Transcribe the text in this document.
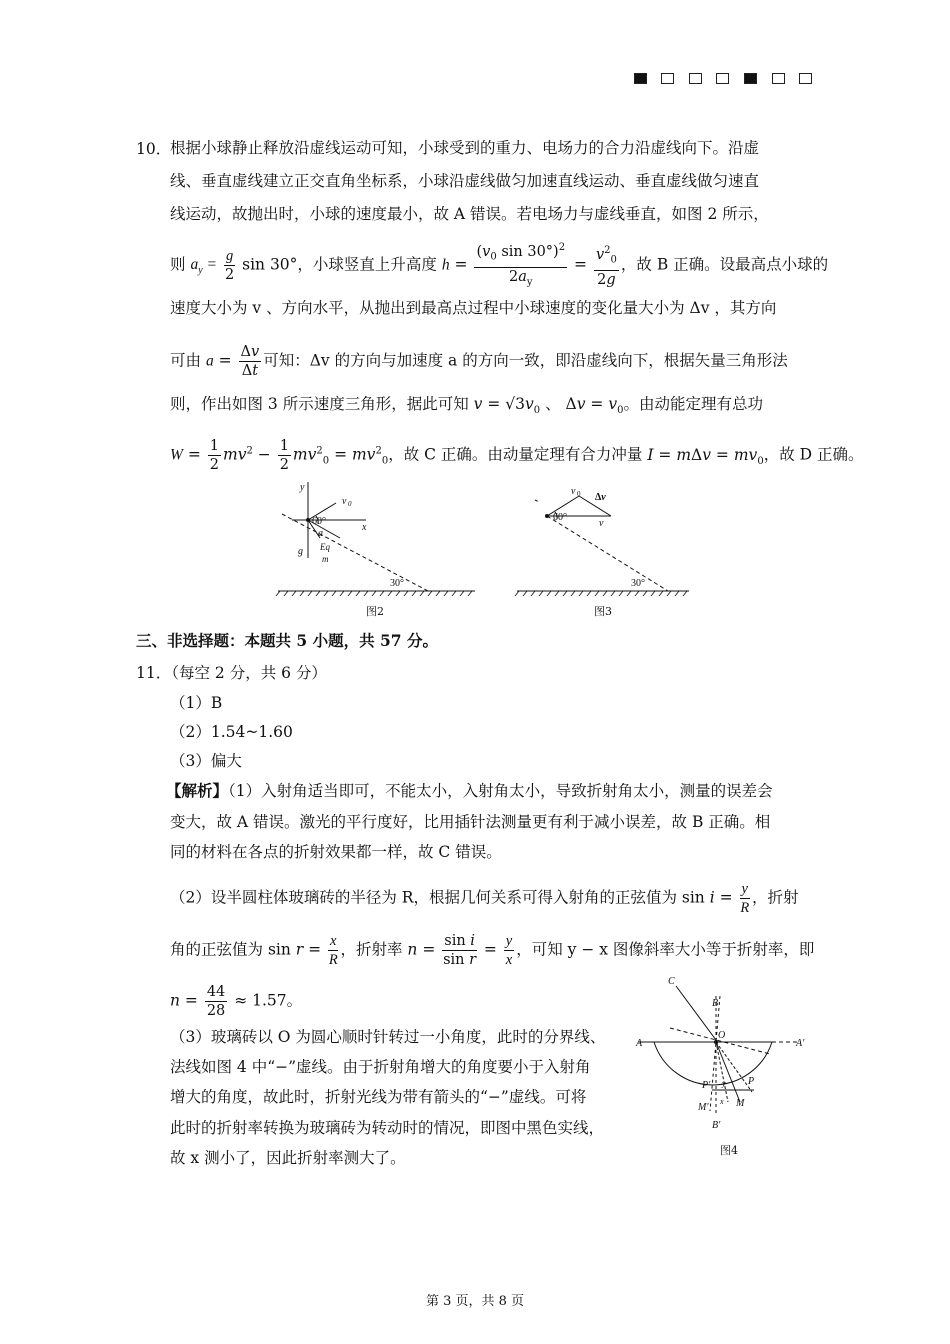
10．
根据小球静止释放沿虚线运动可知，小球受到的重力、电场力的合力沿虚线向下。沿虚
线、垂直虚线建立正交直角坐标系，小球沿虚线做匀加速直线运动、垂直虚线做匀速直
线运动，故抛出时，小球的速度最小，故 A 错误。若电场力与虚线垂直，如图 2 所示，
则 $a_y = \frac{g}{2}$ sin 30°，小球竖直上升高度 $h = \frac{(v_0 \sin 30^\circ)^2}{2a_y} = \frac{v^2_0}{2g}$ ，故 B 正确。设最高点小球的
速度大小为 v 、方向水平，从抛出到最高点过程中小球速度的变化量大小为 Δv ，其方向
可由 $a = \frac{\Delta v}{\Delta t}$ 可知：Δv 的方向与加速度 a 的方向一致，即沿虚线向下，根据矢量三角形法
则，作出如图 3 所示速度三角形，据此可知 $v = √3v_0$ 、 $\Delta v = v_0$。由动能定理有总功
$W = \frac{1}{2} mv^2 - \frac{1}{2} mv^2_0 = mv^2_0$，故 C 正确。由动量定理有合力冲量 $I = m\Delta v = mv_0$，故 D 正确。
y
v 0
60°
x
a
g Eq
m
30°
图2
v 0 Δv
60°
v
30°
图3
三、非选择题：本题共 5 小题，共 57 分。
11．（每空 2 分，共 6 分）
（1）B
（2）1.54~1.60
（3）偏大
【解析】（1）入射角适当即可，不能太小，入射角太小，导致折射角太小，测量的误差会
变大，故 A 错误。激光的平行度好，比用插针法测量更有利于减小误差，故 B 正确。相
同的材料在各点的折射效果都一样，故 C 错误。
（2）设半圆柱体玻璃砖的半径为 R，根据几何关系可得入射角的正弦值为 $\sin i = \frac{y}{R}$ ，折射
角的正弦值为 $\sin r = \frac{x}{R}$ ，折射率 $n = \frac{\text{sin i}}{\text{sin r}} = \frac{y}{x}$ ，可知 y − x 图像斜率大小等于折射率，即
$n = \frac{44}{28} \approx 1.57$。
（3）玻璃砖以 O 为圆心顺时针转过一小角度，此时的分界线、
法线如图 4 中“−”虚线。由于折射角增大的角度要小于入射角
增大的角度，故此时，折射光线为带有箭头的“−”虚线。可将
此时的折射率转换为玻璃砖为转动时的情况，即图中黑色实线，
故 x 测小了，因此折射率测大了。
C
B
O
A	A′
P′	P
M′	M
y
x
B′
图4
第 3 页，共 8 页
